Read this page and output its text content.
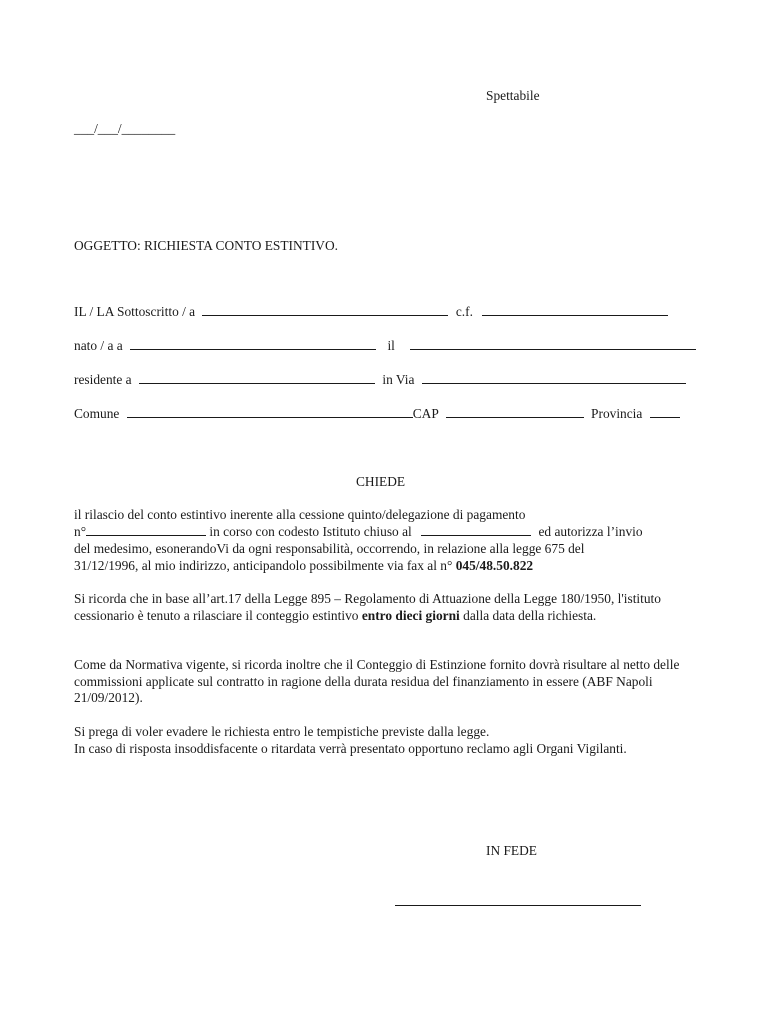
Spettabile
___/___/________
OGGETTO: RICHIESTA CONTO ESTINTIVO.
IL / LA Sottoscritto / a	c.f.
nato / a a	il
residente a	in Via
Comune	CAP	Provincia
CHIEDE
il rilascio del conto estintivo inerente alla cessione quinto/delegazione di pagamento
n°	in corso con codesto Istituto chiuso al	ed autorizza l’invio
del medesimo, esonerandoVi da ogni responsabilità, occorrendo, in relazione alla legge 675 del
31/12/1996, al mio indirizzo, anticipandolo possibilmente via fax al n° 045/48.50.822
Si ricorda che in base all’art.17 della Legge 895 – Regolamento di Attuazione della Legge 180/1950, l'istituto cessionario è tenuto a rilasciare il conteggio estintivo entro dieci giorni dalla data della richiesta.
Come da Normativa vigente, si ricorda inoltre che il Conteggio di Estinzione fornito dovrà risultare al netto delle commissioni applicate sul contratto in ragione della durata residua del finanziamento in essere (ABF Napoli 21/09/2012).
Si prega di voler evadere le richiesta entro le tempistiche previste dalla legge.
In caso di risposta insoddisfacente o ritardata verrà presentato opportuno reclamo agli Organi Vigilanti.
IN FEDE
